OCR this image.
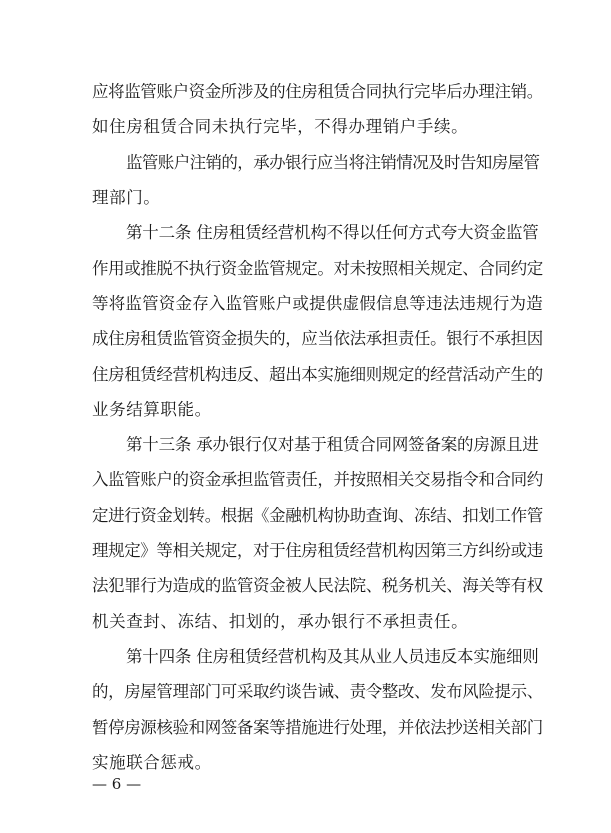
应将监管账户资金所涉及的住房租赁合同执行完毕后办理注销。
如住房租赁合同未执行完毕，不得办理销户手续。
监管账户注销的，承办银行应当将注销情况及时告知房屋管
理部门。
第十二条 住房租赁经营机构不得以任何方式夸大资金监管
作用或推脱不执行资金监管规定。对未按照相关规定、合同约定
等将监管资金存入监管账户或提供虚假信息等违法违规行为造
成住房租赁监管资金损失的，应当依法承担责任。银行不承担因
住房租赁经营机构违反、超出本实施细则规定的经营活动产生的
业务结算职能。
第十三条 承办银行仅对基于租赁合同网签备案的房源且进
入监管账户的资金承担监管责任，并按照相关交易指令和合同约
定进行资金划转。根据《金融机构协助查询、冻结、扣划工作管
理规定》等相关规定，对于住房租赁经营机构因第三方纠纷或违
法犯罪行为造成的监管资金被人民法院、税务机关、海关等有权
机关查封、冻结、扣划的，承办银行不承担责任。
第十四条 住房租赁经营机构及其从业人员违反本实施细则
的，房屋管理部门可采取约谈告诫、责令整改、发布风险提示、
暂停房源核验和网签备案等措施进行处理，并依法抄送相关部门
实施联合惩戒。
— 6 —
